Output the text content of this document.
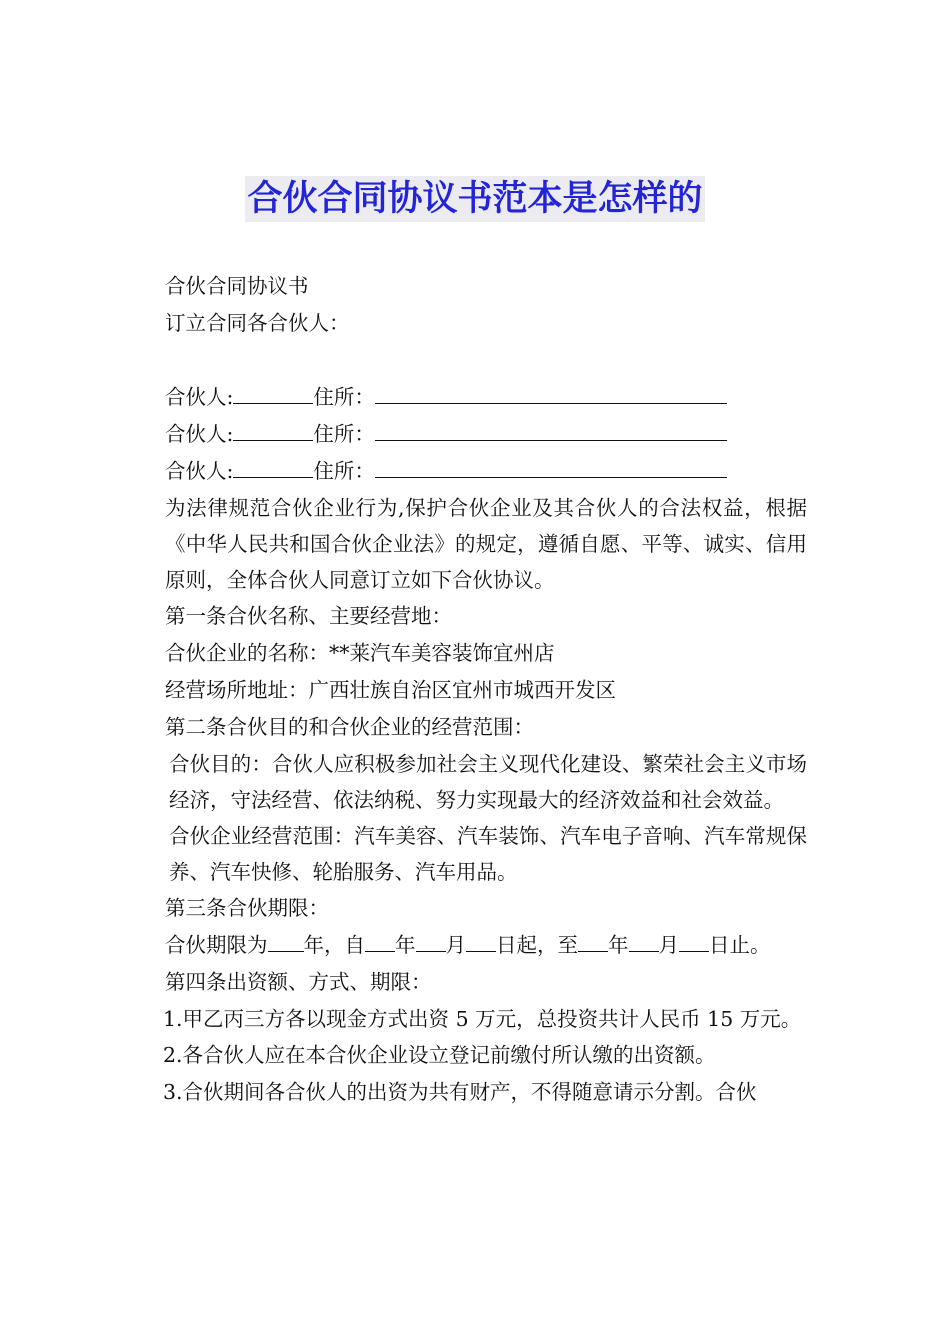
合伙合同协议书范本是怎样的

合伙合同协议书

订立合同各合伙人：

合伙人:	住所：

合伙人:	住所：

合伙人:	住所：

为法律规范合伙企业行为,保护合伙企业及其合伙人的合法权益，根据《中华人民共和国合伙企业法》的规定，遵循自愿、平等、诚实、信用原则，全体合伙人同意订立如下合伙协议。

第一条合伙名称、主要经营地：

合伙企业的名称：**莱汽车美容装饰宜州店

经营场所地址：广西壮族自治区宜州市城西开发区

第二条合伙目的和合伙企业的经营范围：

合伙目的：合伙人应积极参加社会主义现代化建设、繁荣社会主义市场经济，守法经营、依法纳税、努力实现最大的经济效益和社会效益。

合伙企业经营范围：汽车美容、汽车装饰、汽车电子音响、汽车常规保养、汽车快修、轮胎服务、汽车用品。

第三条合伙期限：

合伙期限为 年，自 年 月 日起，至 年 月 日止。

第四条出资额、方式、期限：

1.甲乙丙三方各以现金方式出资 5 万元，总投资共计人民币 15 万元。

2.各合伙人应在本合伙企业设立登记前缴付所认缴的出资额。

3.合伙期间各合伙人的出资为共有财产，不得随意请示分割。合伙
